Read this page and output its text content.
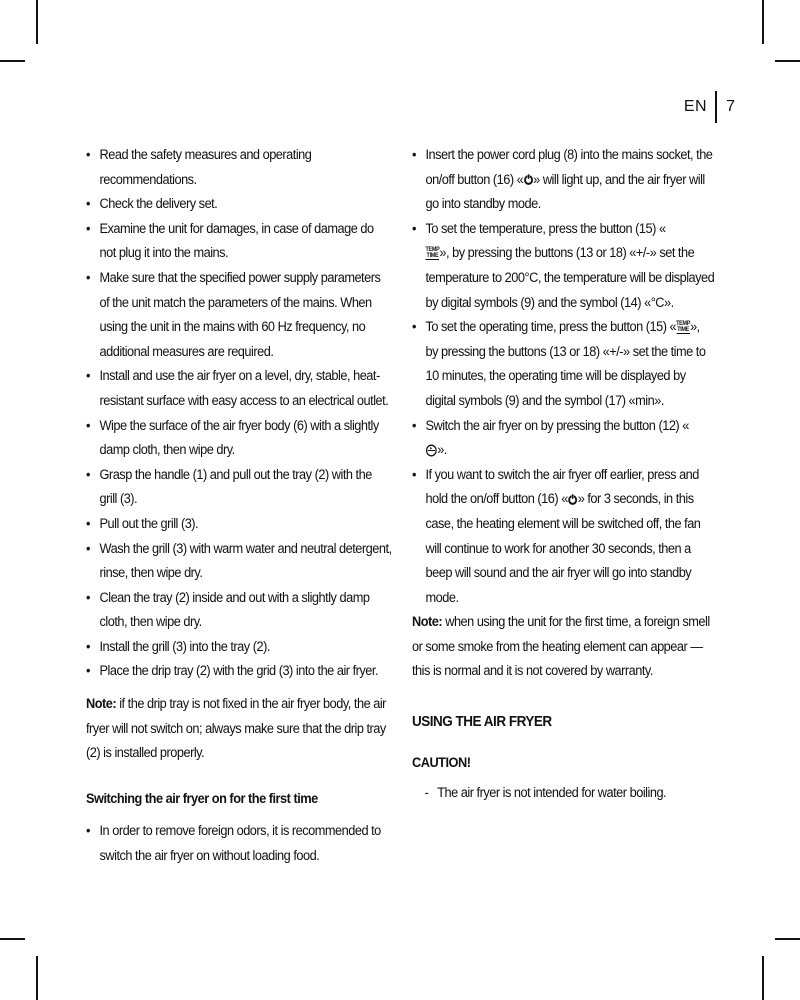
EN 7
• Read the safety measures and operating recommendations.
• Check the delivery set.
• Examine the unit for damages, in case of damage do not plug it into the mains.
• Make sure that the specified power supply parameters of the unit match the parameters of the mains. When using the unit in the mains with 60 Hz frequency, no additional measures are required.
• Install and use the air fryer on a level, dry, stable, heat-resistant surface with easy access to an electrical outlet.
• Wipe the surface of the air fryer body (6) with a slightly damp cloth, then wipe dry.
• Grasp the handle (1) and pull out the tray (2) with the grill (3).
• Pull out the grill (3).
• Wash the grill (3) with warm water and neutral detergent, rinse, then wipe dry.
• Clean the tray (2) inside and out with a slightly damp cloth, then wipe dry.
• Install the grill (3) into the tray (2).
• Place the drip tray (2) with the grid (3) into the air fryer.

Note: if the drip tray is not fixed in the air fryer body, the air fryer will not switch on; always make sure that the drip tray (2) is installed properly.

Switching the air fryer on for the first time

• In order to remove foreign odors, it is recommended to switch the air fryer on without loading food.
• Insert the power cord plug (8) into the mains socket, the on/off button (16) « » will light up, and the air fryer will go into standby mode.
• To set the temperature, press the button (15) «
TEMP
TIME», by pressing the buttons (13 or 18) «+/-» set the temperature to 200°C, the temperature will be displayed by digital symbols (9) and the symbol (14) «°C».
• To set the operating time, press the button (15) «TEMP
TIME», by pressing the buttons (13 or 18) «+/-» set the time to 10 minutes, the operating time will be displayed by digital symbols (9) and the symbol (17) «min».
• Switch the air fryer on by pressing the button (12) «
».
• If you want to switch the air fryer off earlier, press and hold the on/off button (16) « » for 3 seconds, in this case, the heating element will be switched off, the fan will continue to work for another 30 seconds, then a beep will sound and the air fryer will go into standby mode.

Note: when using the unit for the first time, a foreign smell or some smoke from the heating element can appear — this is normal and it is not covered by warranty.

USING THE AIR FRYER

CAUTION!

- The air fryer is not intended for water boiling.
